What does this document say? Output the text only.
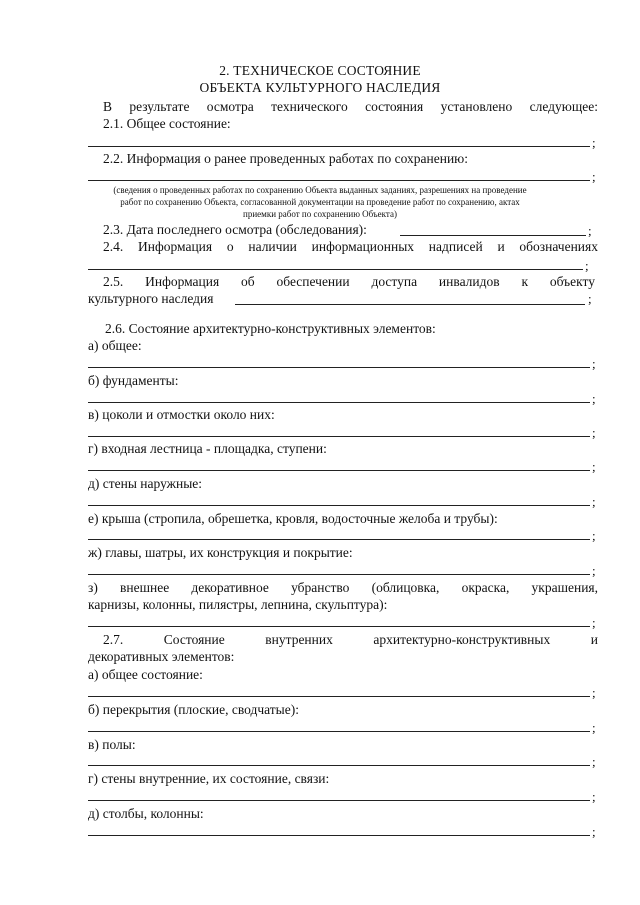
2. ТЕХНИЧЕСКОЕ СОСТОЯНИЕ
ОБЪЕКТА КУЛЬТУРНОГО НАСЛЕДИЯ
В результате осмотра технического состояния установлено следующее:
2.1. Общее состояние:
;
2.2. Информация о ранее проведенных работах по сохранению:
;
(сведения о проведенных работах по сохранению Объекта выданных заданиях, разрешениях на проведение
работ по сохранению Объекта, согласованной документации на проведение работ по сохранению, актах
приемки работ по сохранению Объекта)
2.3. Дата последнего осмотра (обследования):	;
2.4. Информация о наличии информационных надписей и обозначениях
;
2.5. Информация об обеспечении доступа инвалидов к объекту
культурного наследия	;
2.6. Состояние архитектурно-конструктивных элементов:
а) общее:
;
б) фундаменты:
;
в) цоколи и отмостки около них:
;
г) входная лестница - площадка, ступени:
;
д) стены наружные:
;
е) крыша (стропила, обрешетка, кровля, водосточные желоба и трубы):
;
ж) главы, шатры, их конструкция и покрытие:
;
з) внешнее декоративное убранство (облицовка, окраска, украшения,
карнизы, колонны, пилястры, лепнина, скульптура):
;
2.7. Состояние внутренних архитектурно-конструктивных и
декоративных элементов:
а) общее состояние:
;
б) перекрытия (плоские, сводчатые):
;
в) полы:
;
г) стены внутренние, их состояние, связи:
;
д) столбы, колонны:
;
